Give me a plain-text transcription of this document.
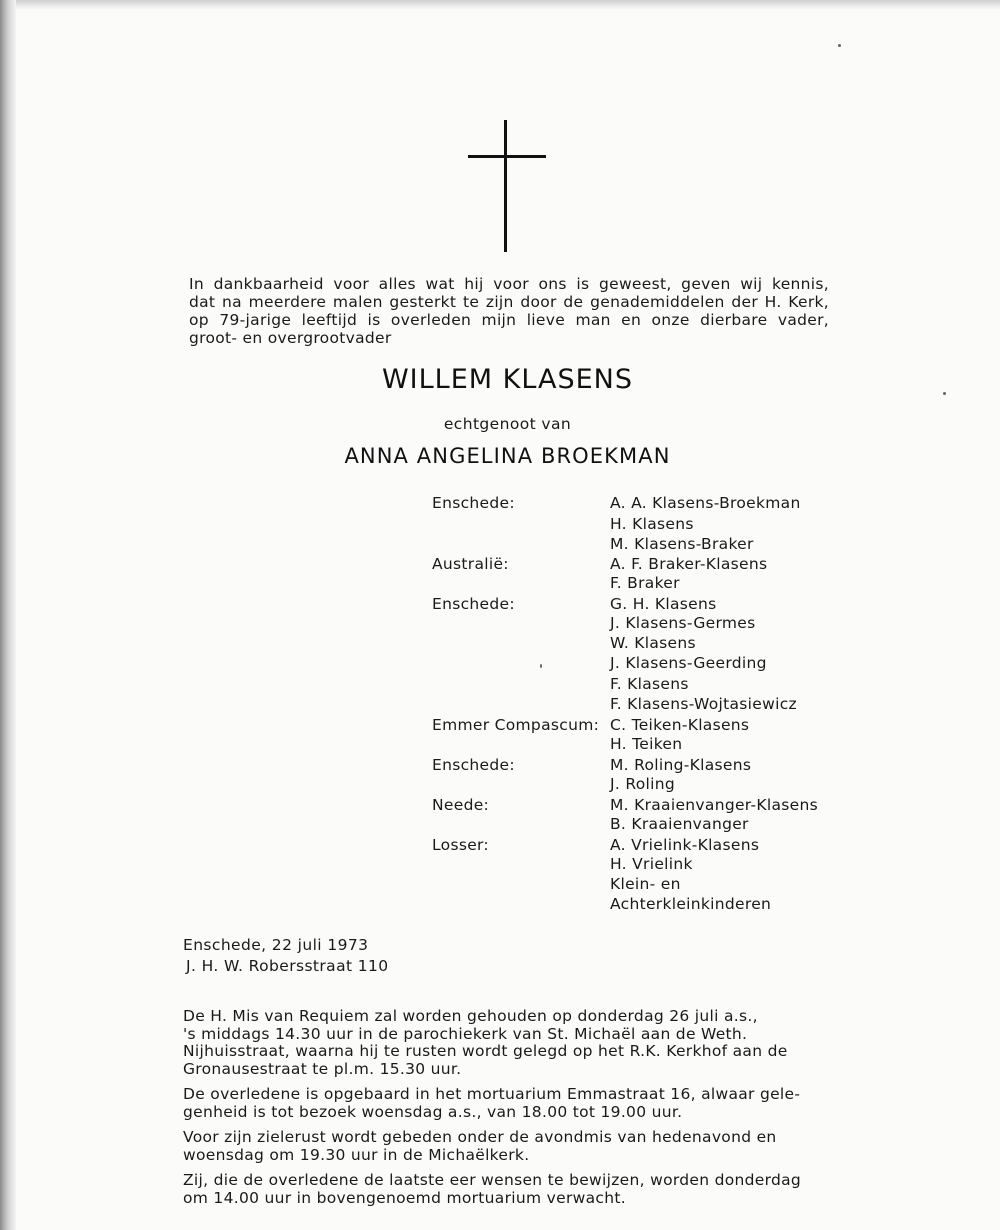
In dankbaarheid voor alles wat hij voor ons is geweest, geven wij kennis,
dat na meerdere malen gesterkt te zijn door de genademiddelen der H. Kerk,
op 79-jarige leeftijd is overleden mijn lieve man en onze dierbare vader,
groot- en overgrootvader
WILLEM KLASENS
echtgenoot van
ANNA ANGELINA BROEKMAN
Enschede:	A. A. Klasens-Broekman
H. Klasens
M. Klasens-Braker
Australië:	A. F. Braker-Klasens
F. Braker
Enschede:	G. H. Klasens
J. Klasens-Germes
W. Klasens
J. Klasens-Geerding
F. Klasens
F. Klasens-Wojtasiewicz
Emmer Compascum: C. Teiken-Klasens
H. Teiken
Enschede:	M. Roling-Klasens
J. Roling
Neede:	M. Kraaienvanger-Klasens
B. Kraaienvanger
Losser:	A. Vrielink-Klasens
H. Vrielink
Klein- en
Achterkleinkinderen
Enschede, 22 juli 1973
J. H. W. Robersstraat 110

De H. Mis van Requiem zal worden gehouden op donderdag 26 juli a.s.,
's middags 14.30 uur in de parochiekerk van St. Michaël aan de Weth.
Nijhuisstraat, waarna hij te rusten wordt gelegd op het R.K. Kerkhof aan de
Gronausestraat te pl.m. 15.30 uur.

De overledene is opgebaard in het mortuarium Emmastraat 16, alwaar gele-
genheid is tot bezoek woensdag a.s., van 18.00 tot 19.00 uur.

Voor zijn zielerust wordt gebeden onder de avondmis van hedenavond en
woensdag om 19.30 uur in de Michaëlkerk.

Zij, die de overledene de laatste eer wensen te bewijzen, worden donderdag
om 14.00 uur in bovengenoemd mortuarium verwacht.
